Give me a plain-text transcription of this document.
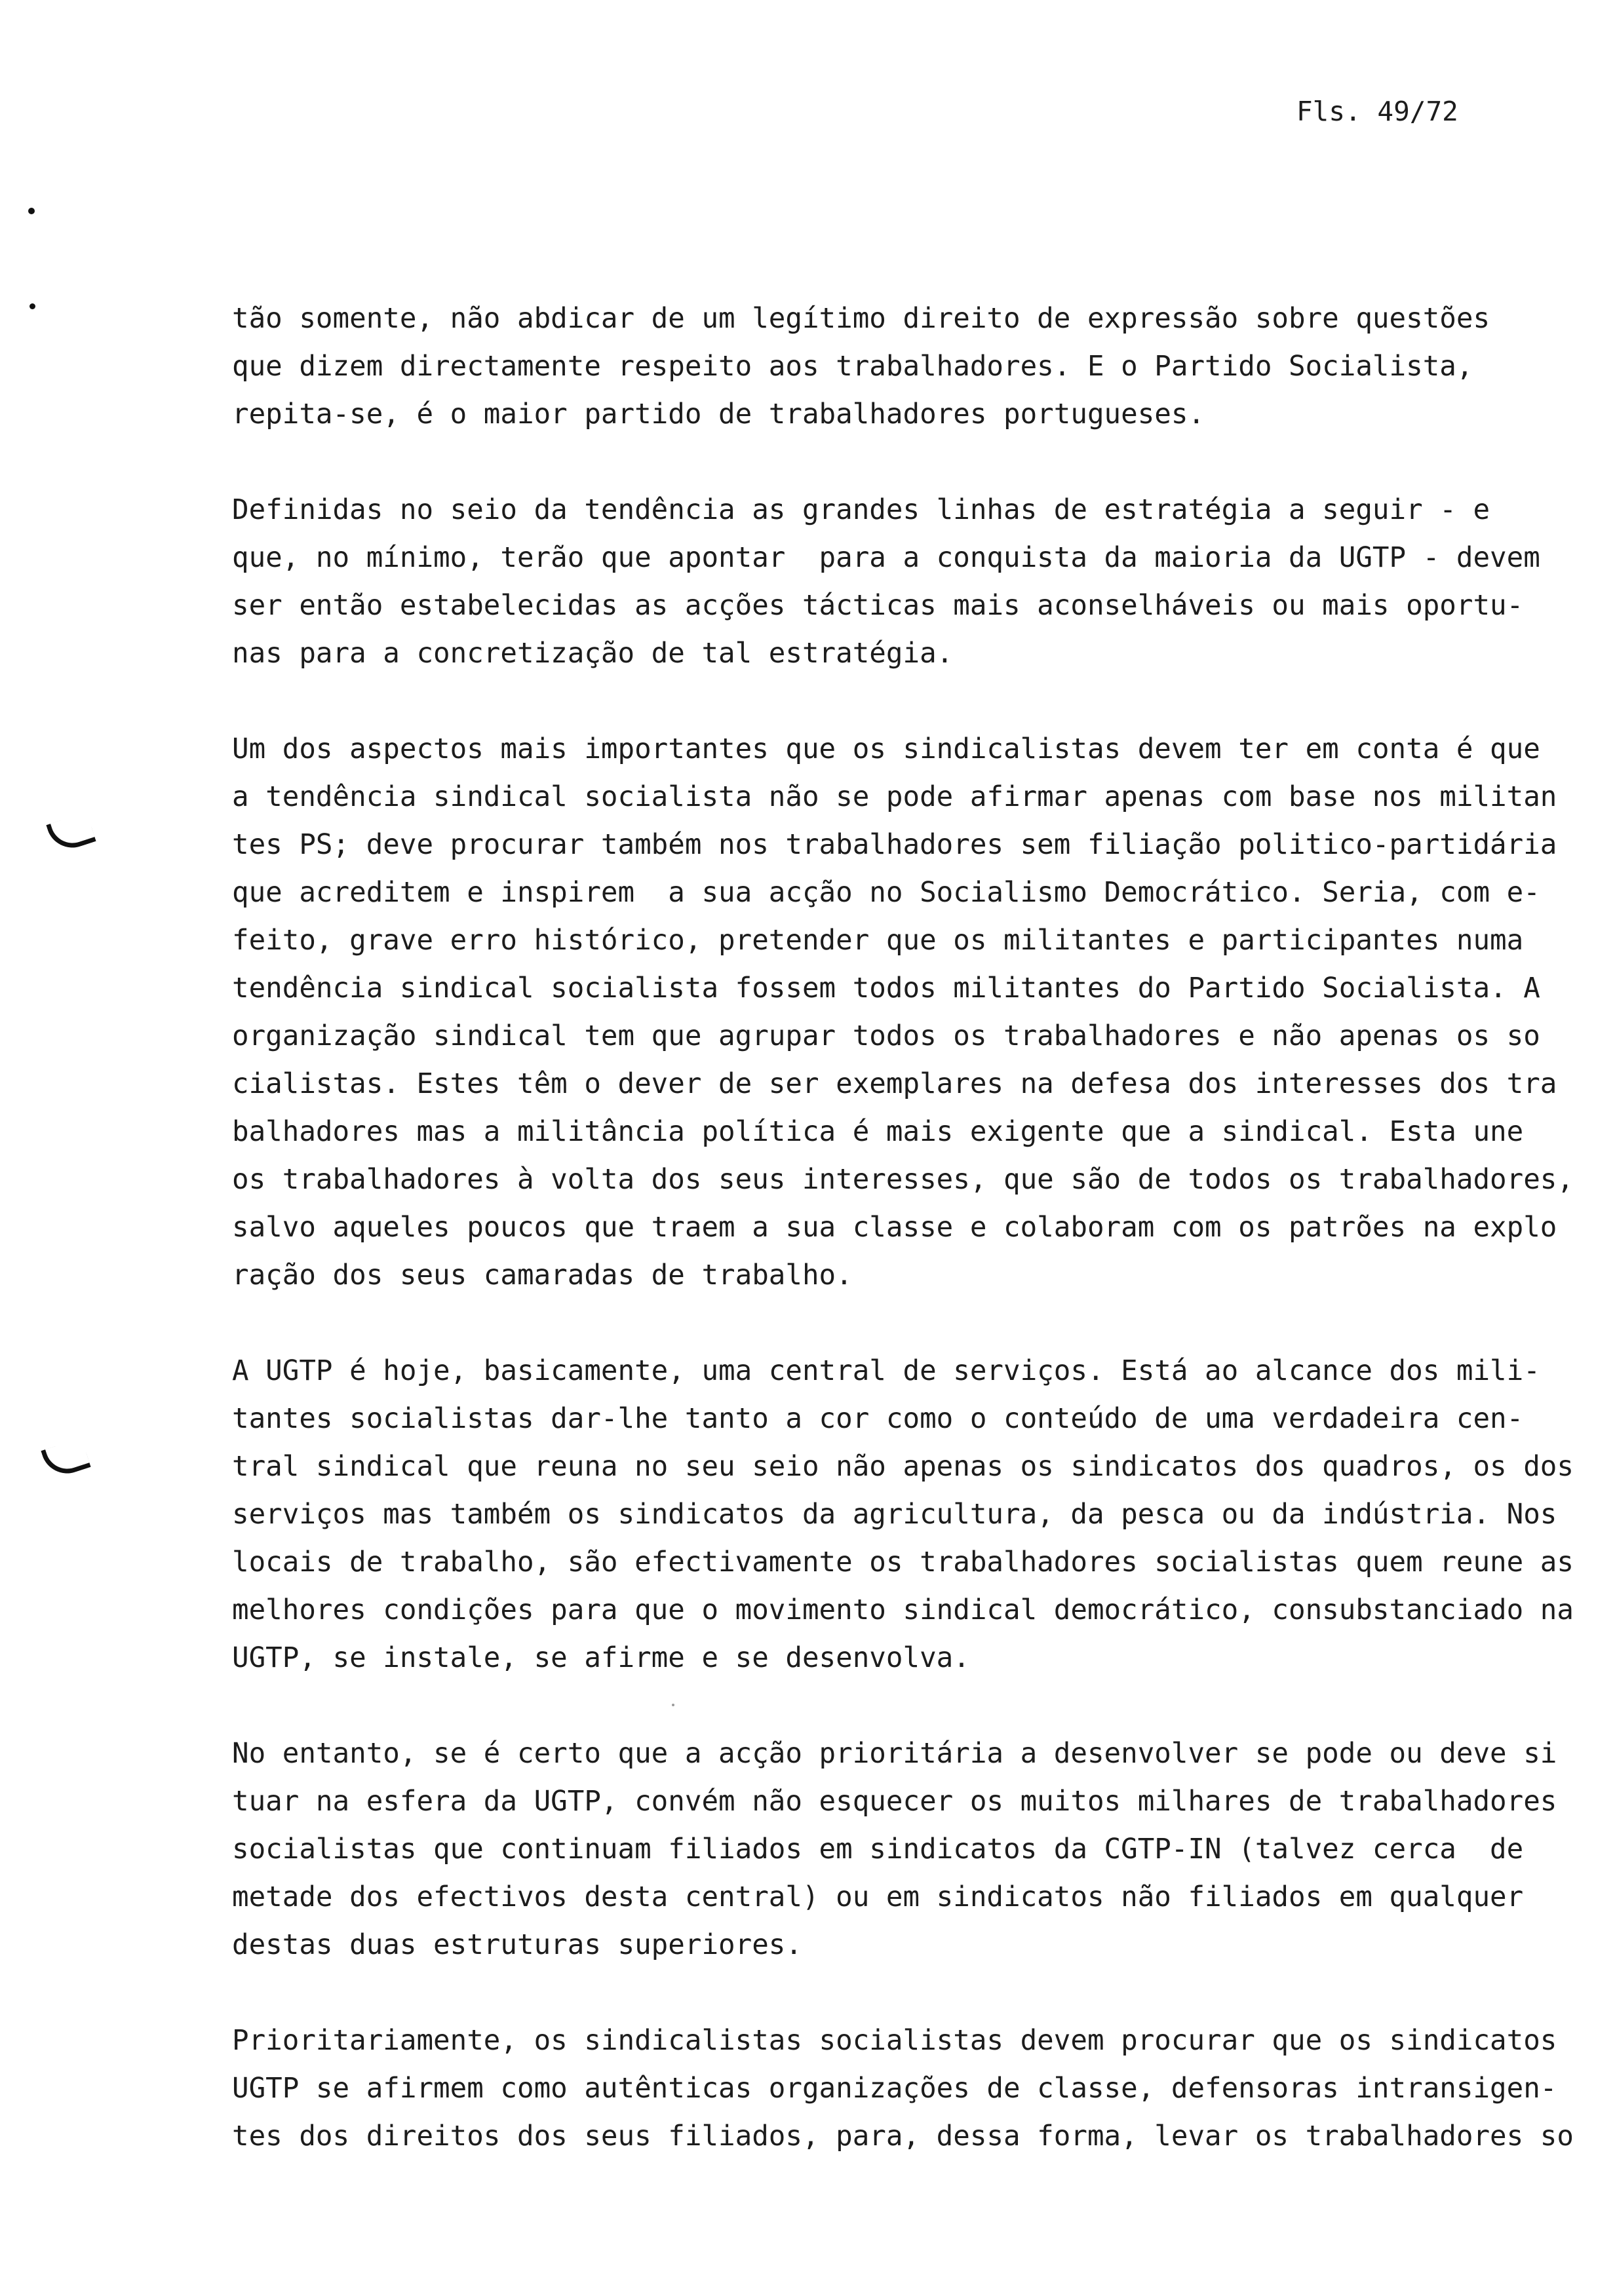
Fls. 49/72
tão somente, não abdicar de um legítimo direito de expressão sobre questões
que dizem directamente respeito aos trabalhadores. E o Partido Socialista,
repita-se, é o maior partido de trabalhadores portugueses.
Definidas no seio da tendência as grandes linhas de estratégia a seguir - e
que, no mínimo, terão que apontar  para a conquista da maioria da UGTP - devem
ser então estabelecidas as acções tácticas mais aconselháveis ou mais oportu-
nas para a concretização de tal estratégia.
Um dos aspectos mais importantes que os sindicalistas devem ter em conta é que
a tendência sindical socialista não se pode afirmar apenas com base nos militan
tes PS; deve procurar também nos trabalhadores sem filiação politico-partidária
que acreditem e inspirem  a sua acção no Socialismo Democrático. Seria, com e-
feito, grave erro histórico, pretender que os militantes e participantes numa
tendência sindical socialista fossem todos militantes do Partido Socialista. A
organização sindical tem que agrupar todos os trabalhadores e não apenas os so
cialistas. Estes têm o dever de ser exemplares na defesa dos interesses dos tra
balhadores mas a militância política é mais exigente que a sindical. Esta une
os trabalhadores à volta dos seus interesses, que são de todos os trabalhadores,
salvo aqueles poucos que traem a sua classe e colaboram com os patrões na explo
ração dos seus camaradas de trabalho.
A UGTP é hoje, basicamente, uma central de serviços. Está ao alcance dos mili-
tantes socialistas dar-lhe tanto a cor como o conteúdo de uma verdadeira cen-
tral sindical que reuna no seu seio não apenas os sindicatos dos quadros, os dos
serviços mas também os sindicatos da agricultura, da pesca ou da indústria. Nos
locais de trabalho, são efectivamente os trabalhadores socialistas quem reune as
melhores condições para que o movimento sindical democrático, consubstanciado na
UGTP, se instale, se afirme e se desenvolva.
No entanto, se é certo que a acção prioritária a desenvolver se pode ou deve si
tuar na esfera da UGTP, convém não esquecer os muitos milhares de trabalhadores
socialistas que continuam filiados em sindicatos da CGTP-IN (talvez cerca  de
metade dos efectivos desta central) ou em sindicatos não filiados em qualquer
destas duas estruturas superiores.
Prioritariamente, os sindicalistas socialistas devem procurar que os sindicatos
UGTP se afirmem como autênticas organizações de classe, defensoras intransigen-
tes dos direitos dos seus filiados, para, dessa forma, levar os trabalhadores so
